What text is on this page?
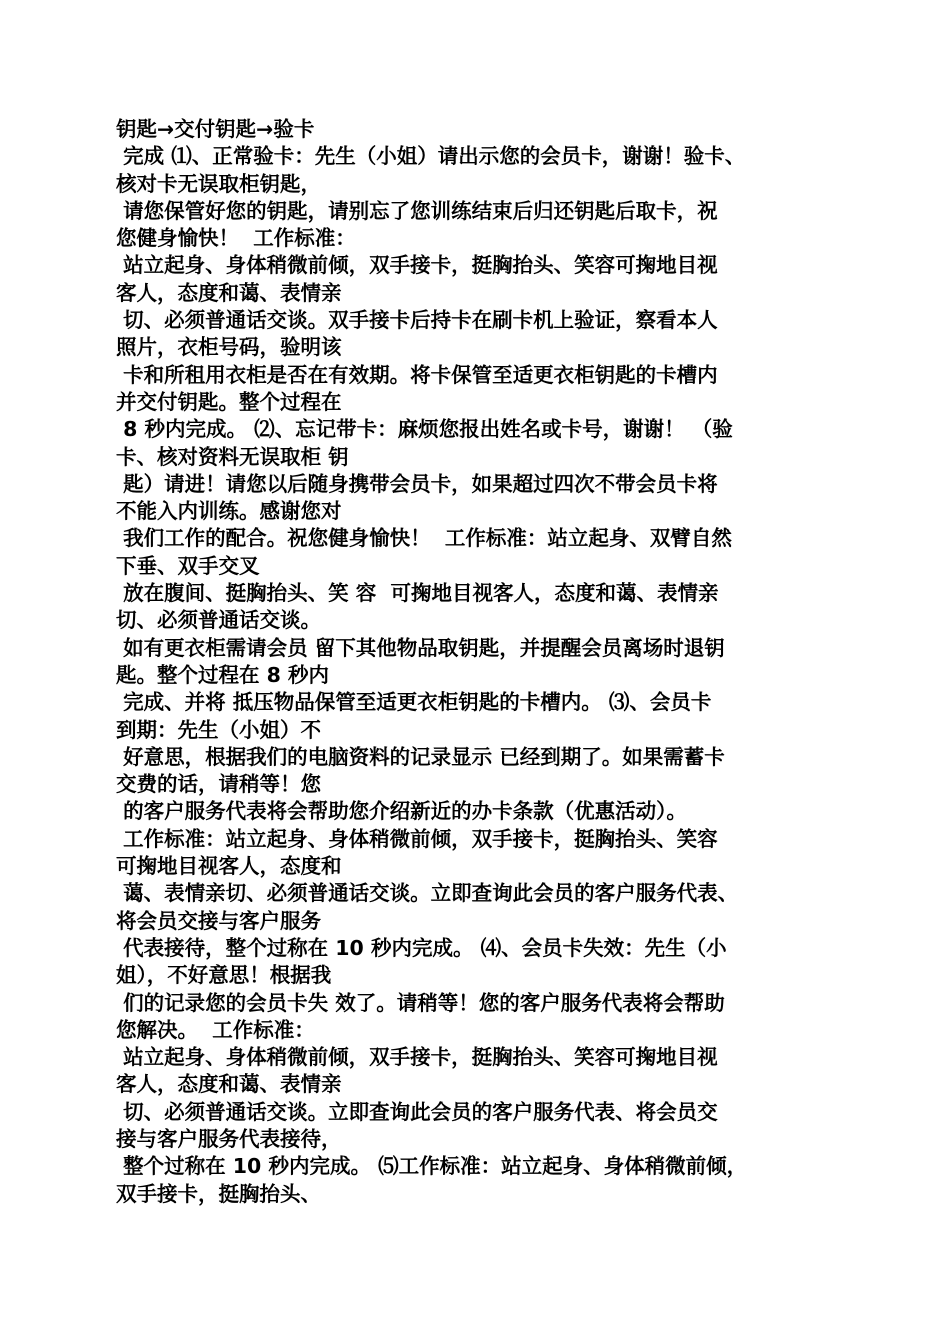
钥匙→交付钥匙→验卡
完成 ⑴、正常验卡：先生（小姐）请出示您的会员卡，谢谢！验卡、
核对卡无误取柜钥匙，
请您保管好您的钥匙，请别忘了您训练结束后归还钥匙后取卡，祝
您健身愉快！  工作标准：
站立起身、身体稍微前倾，双手接卡，挺胸抬头、笑容可掬地目视
客人，态度和蔼、表情亲
切、必须普通话交谈。双手接卡后持卡在刷卡机上验证，察看本人
照片，衣柜号码，验明该
卡和所租用衣柜是否在有效期。将卡保管至适更衣柜钥匙的卡槽内
并交付钥匙。整个过程在
8 秒内完成。 ⑵、忘记带卡：麻烦您报出姓名或卡号，谢谢！ （验
卡、核对资料无误取柜 钥
匙）请进！请您以后随身携带会员卡，如果超过四次不带会员卡将
不能入内训练。感谢您对
我们工作的配合。祝您健身愉快！  工作标准：站立起身、双臂自然
下垂、双手交叉
放在腹间、挺胸抬头、笑 容  可掬地目视客人，态度和蔼、表情亲
切、必须普通话交谈。
如有更衣柜需请会员 留下其他物品取钥匙，并提醒会员离场时退钥
匙。整个过程在 8 秒内
完成、并将 抵压物品保管至适更衣柜钥匙的卡槽内。 ⑶、会员卡
到期：先生（小姐）不
好意思，根据我们的电脑资料的记录显示 已经到期了。如果需蓄卡
交费的话，请稍等！您
的客户服务代表将会帮助您介绍新近的办卡条款（优惠活动）。
工作标准：站立起身、身体稍微前倾，双手接卡，挺胸抬头、笑容
可掬地目视客人，态度和
蔼、表情亲切、必须普通话交谈。立即查询此会员的客户服务代表、
将会员交接与客户服务
代表接待，整个过称在 10 秒内完成。 ⑷、会员卡失效：先生（小
姐），不好意思！根据我
们的记录您的会员卡失 效了。请稍等！您的客户服务代表将会帮助
您解决。  工作标准：
站立起身、身体稍微前倾，双手接卡，挺胸抬头、笑容可掬地目视
客人，态度和蔼、表情亲
切、必须普通话交谈。立即查询此会员的客户服务代表、将会员交
接与客户服务代表接待，
整个过称在 10 秒内完成。 ⑸工作标准：站立起身、身体稍微前倾，
双手接卡，挺胸抬头、
